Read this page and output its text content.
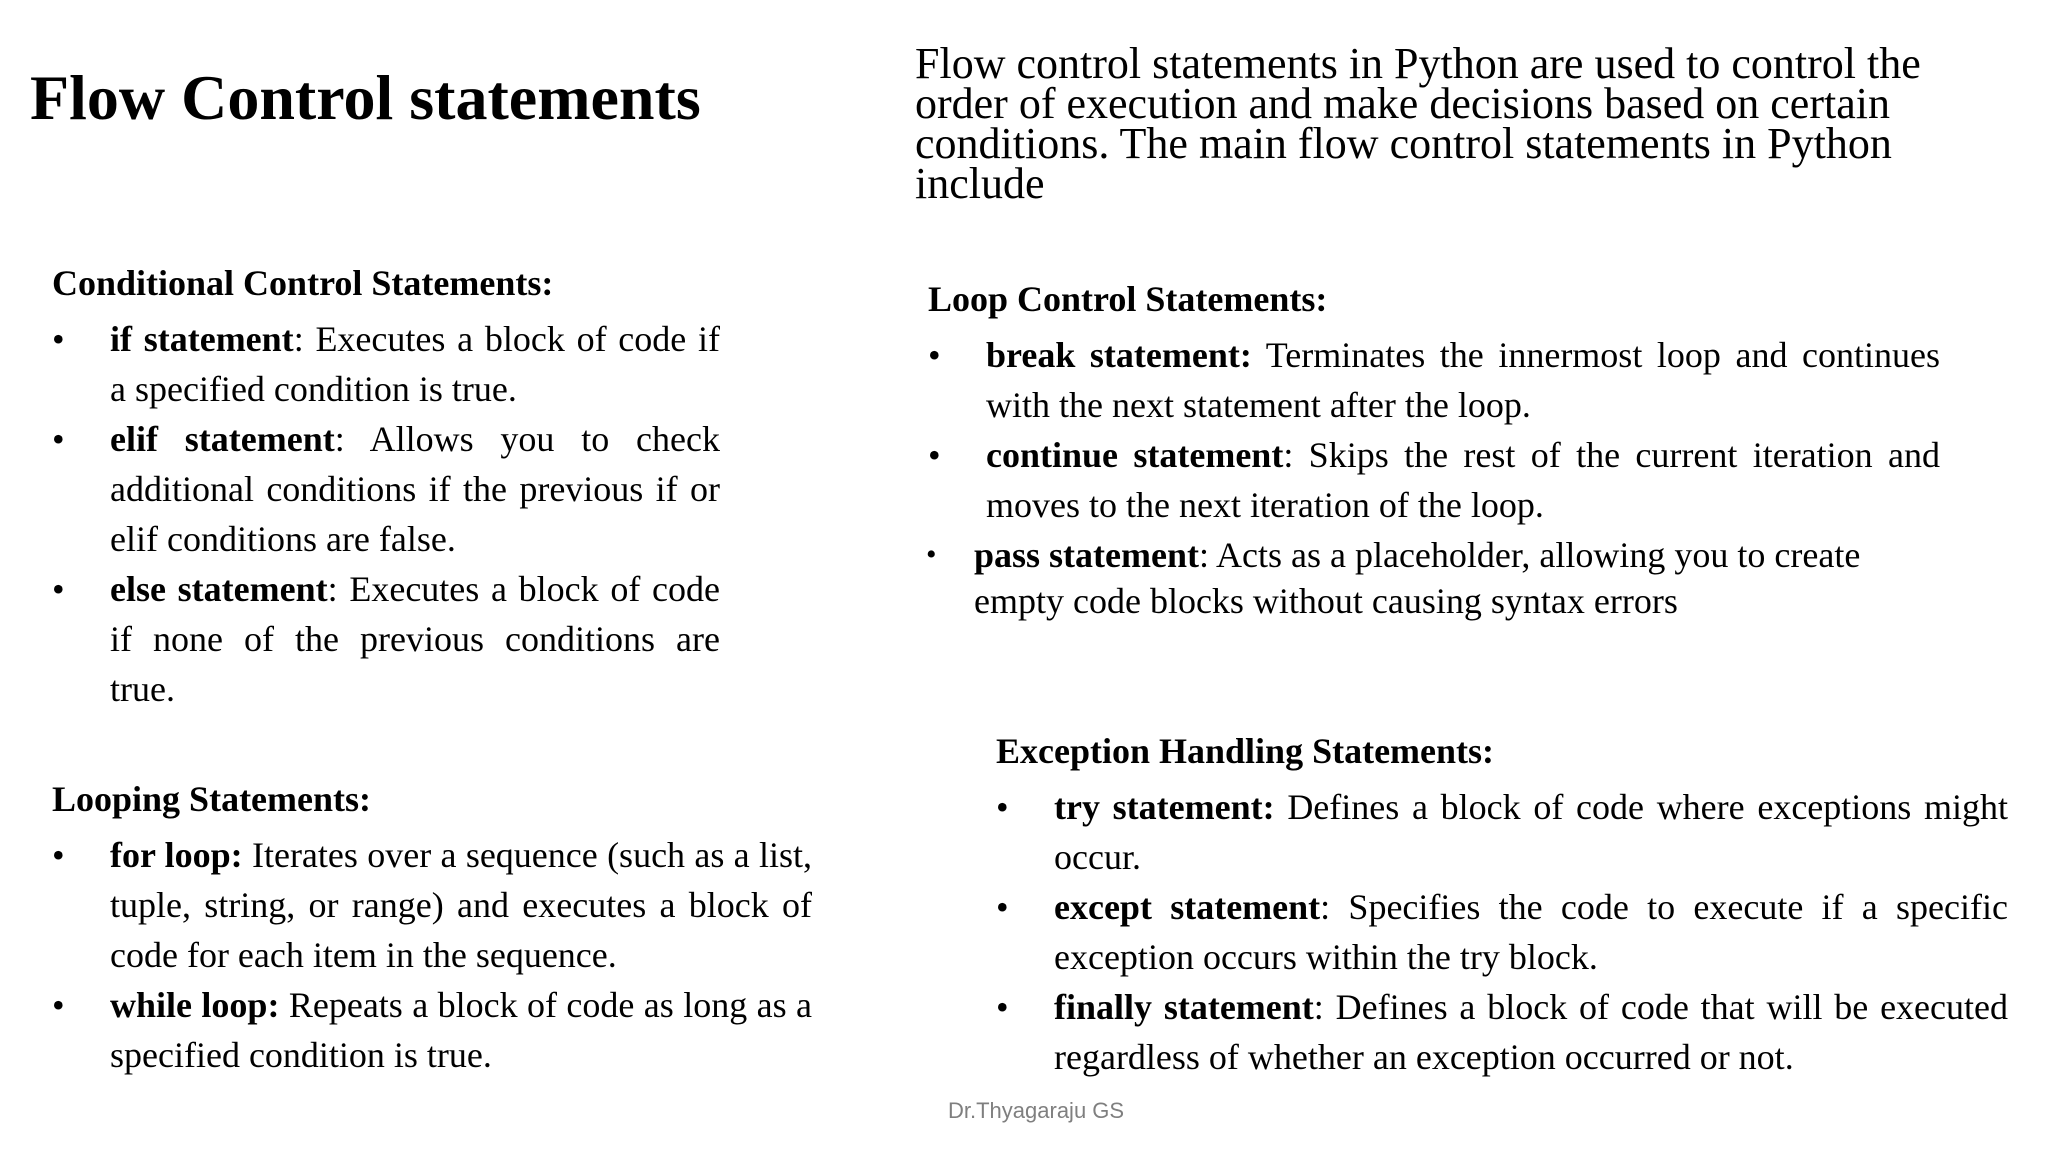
Flow Control statements	Flow control statements in Python are used to control the order of execution and make decisions based on certain conditions. The main flow control statements in Python include

Conditional Control Statements:
• if statement: Executes a block of code if a specified condition is true.
• elif statement: Allows you to check additional conditions if the previous if or elif conditions are false.
• else statement: Executes a block of code if none of the previous conditions are true.
Looping Statements:
• for loop: Iterates over a sequence (such as a list, tuple, string, or range) and executes a block of code for each item in the sequence.
• while loop: Repeats a block of code as long as a specified condition is true.
Loop Control Statements:
• break statement: Terminates the innermost loop and continues with the next statement after the loop.
• continue statement: Skips the rest of the current iteration and moves to the next iteration of the loop.
• pass statement: Acts as a placeholder, allowing you to create empty code blocks without causing syntax errors
Exception Handling Statements:
• try statement: Defines a block of code where exceptions might occur.
• except statement: Specifies the code to execute if a specific exception occurs within the try block.
• finally statement: Defines a block of code that will be executed regardless of whether an exception occurred or not.
Dr.Thyagaraju GS
